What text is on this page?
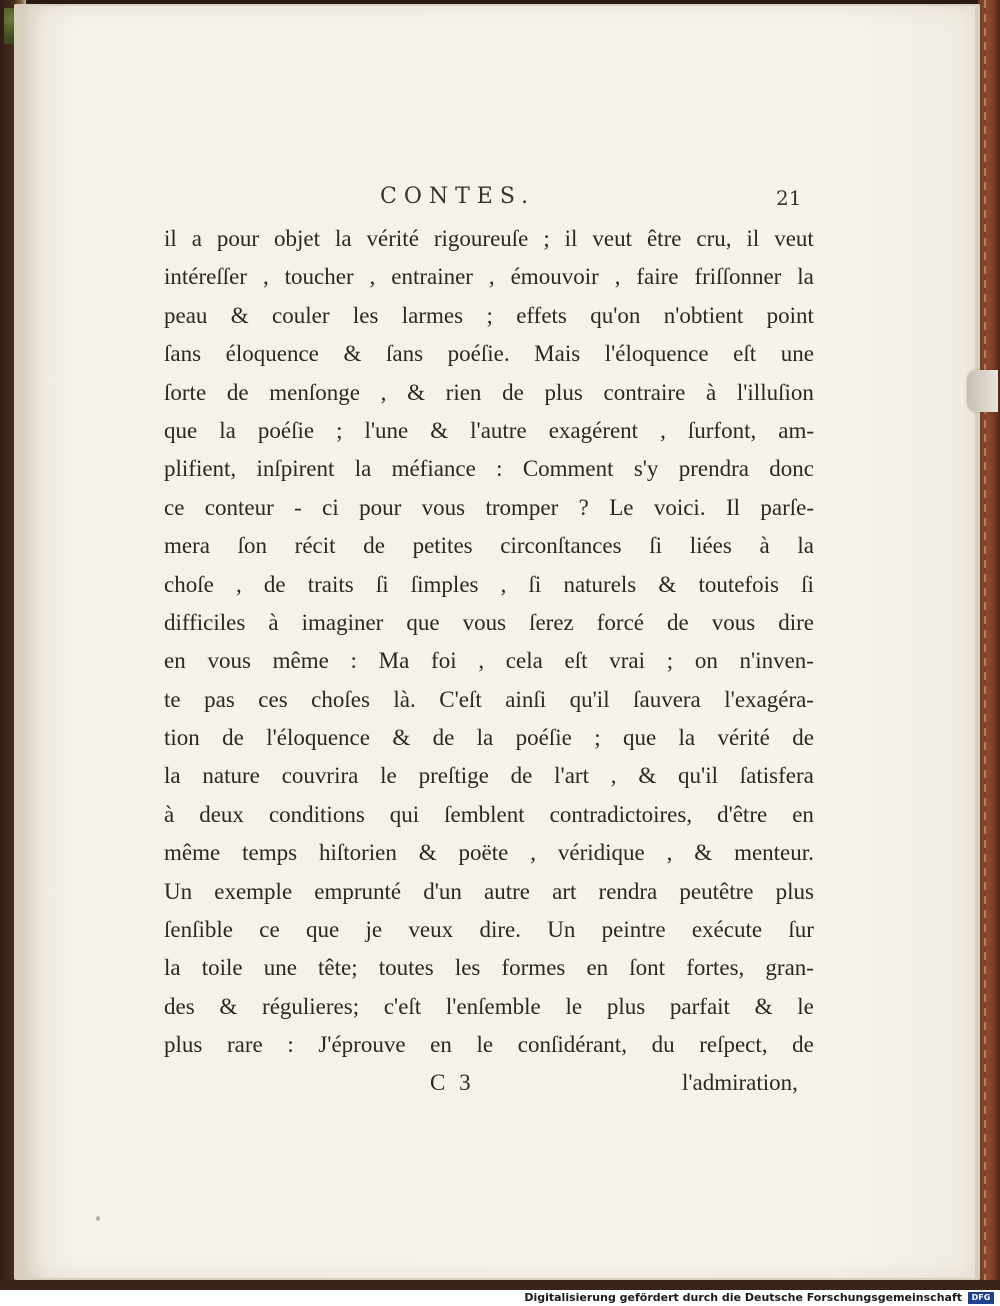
CONTES.	21
il a pour objet la vérité rigoureuſe ; il veut être cru, il veut
intéreſſer , toucher , entrainer , émouvoir , faire friſſonner la
peau & couler les larmes ; effets qu'on n'obtient point
ſans éloquence & ſans poéſie. Mais l'éloquence eſt une
ſorte de menſonge , & rien de plus contraire à l'illuſion
que la poéſie ; l'une & l'autre exagérent , ſurfont, am-
plifient, inſpirent la méfiance : Comment s'y prendra donc
ce conteur - ci pour vous tromper ? Le voici. Il parſe-
mera ſon récit de petites circonſtances ſi liées à la
choſe , de traits ſi ſimples , ſi naturels & toutefois ſi
difficiles à imaginer que vous ſerez forcé de vous dire
en vous même : Ma foi , cela eſt vrai ; on n'inven-
te pas ces choſes là. C'eſt ainſi qu'il ſauvera l'exagéra-
tion de l'éloquence & de la poéſie ; que la vérité de
la nature couvrira le preſtige de l'art , & qu'il ſatisfera
à deux conditions qui ſemblent contradictoires, d'être en
même temps hiſtorien & poëte , véridique , & menteur.
Un exemple emprunté d'un autre art rendra peutêtre plus
ſenſible ce que je veux dire. Un peintre exécute ſur
la toile une tête; toutes les formes en ſont fortes, gran-
des & régulieres; c'eſt l'enſemble le plus parfait & le
plus rare : J'éprouve en le conſidérant, du reſpect, de
C 3	l'admiration,
Digitalisierung gefördert durch die Deutsche Forschungsgemeinschaft	DFG
